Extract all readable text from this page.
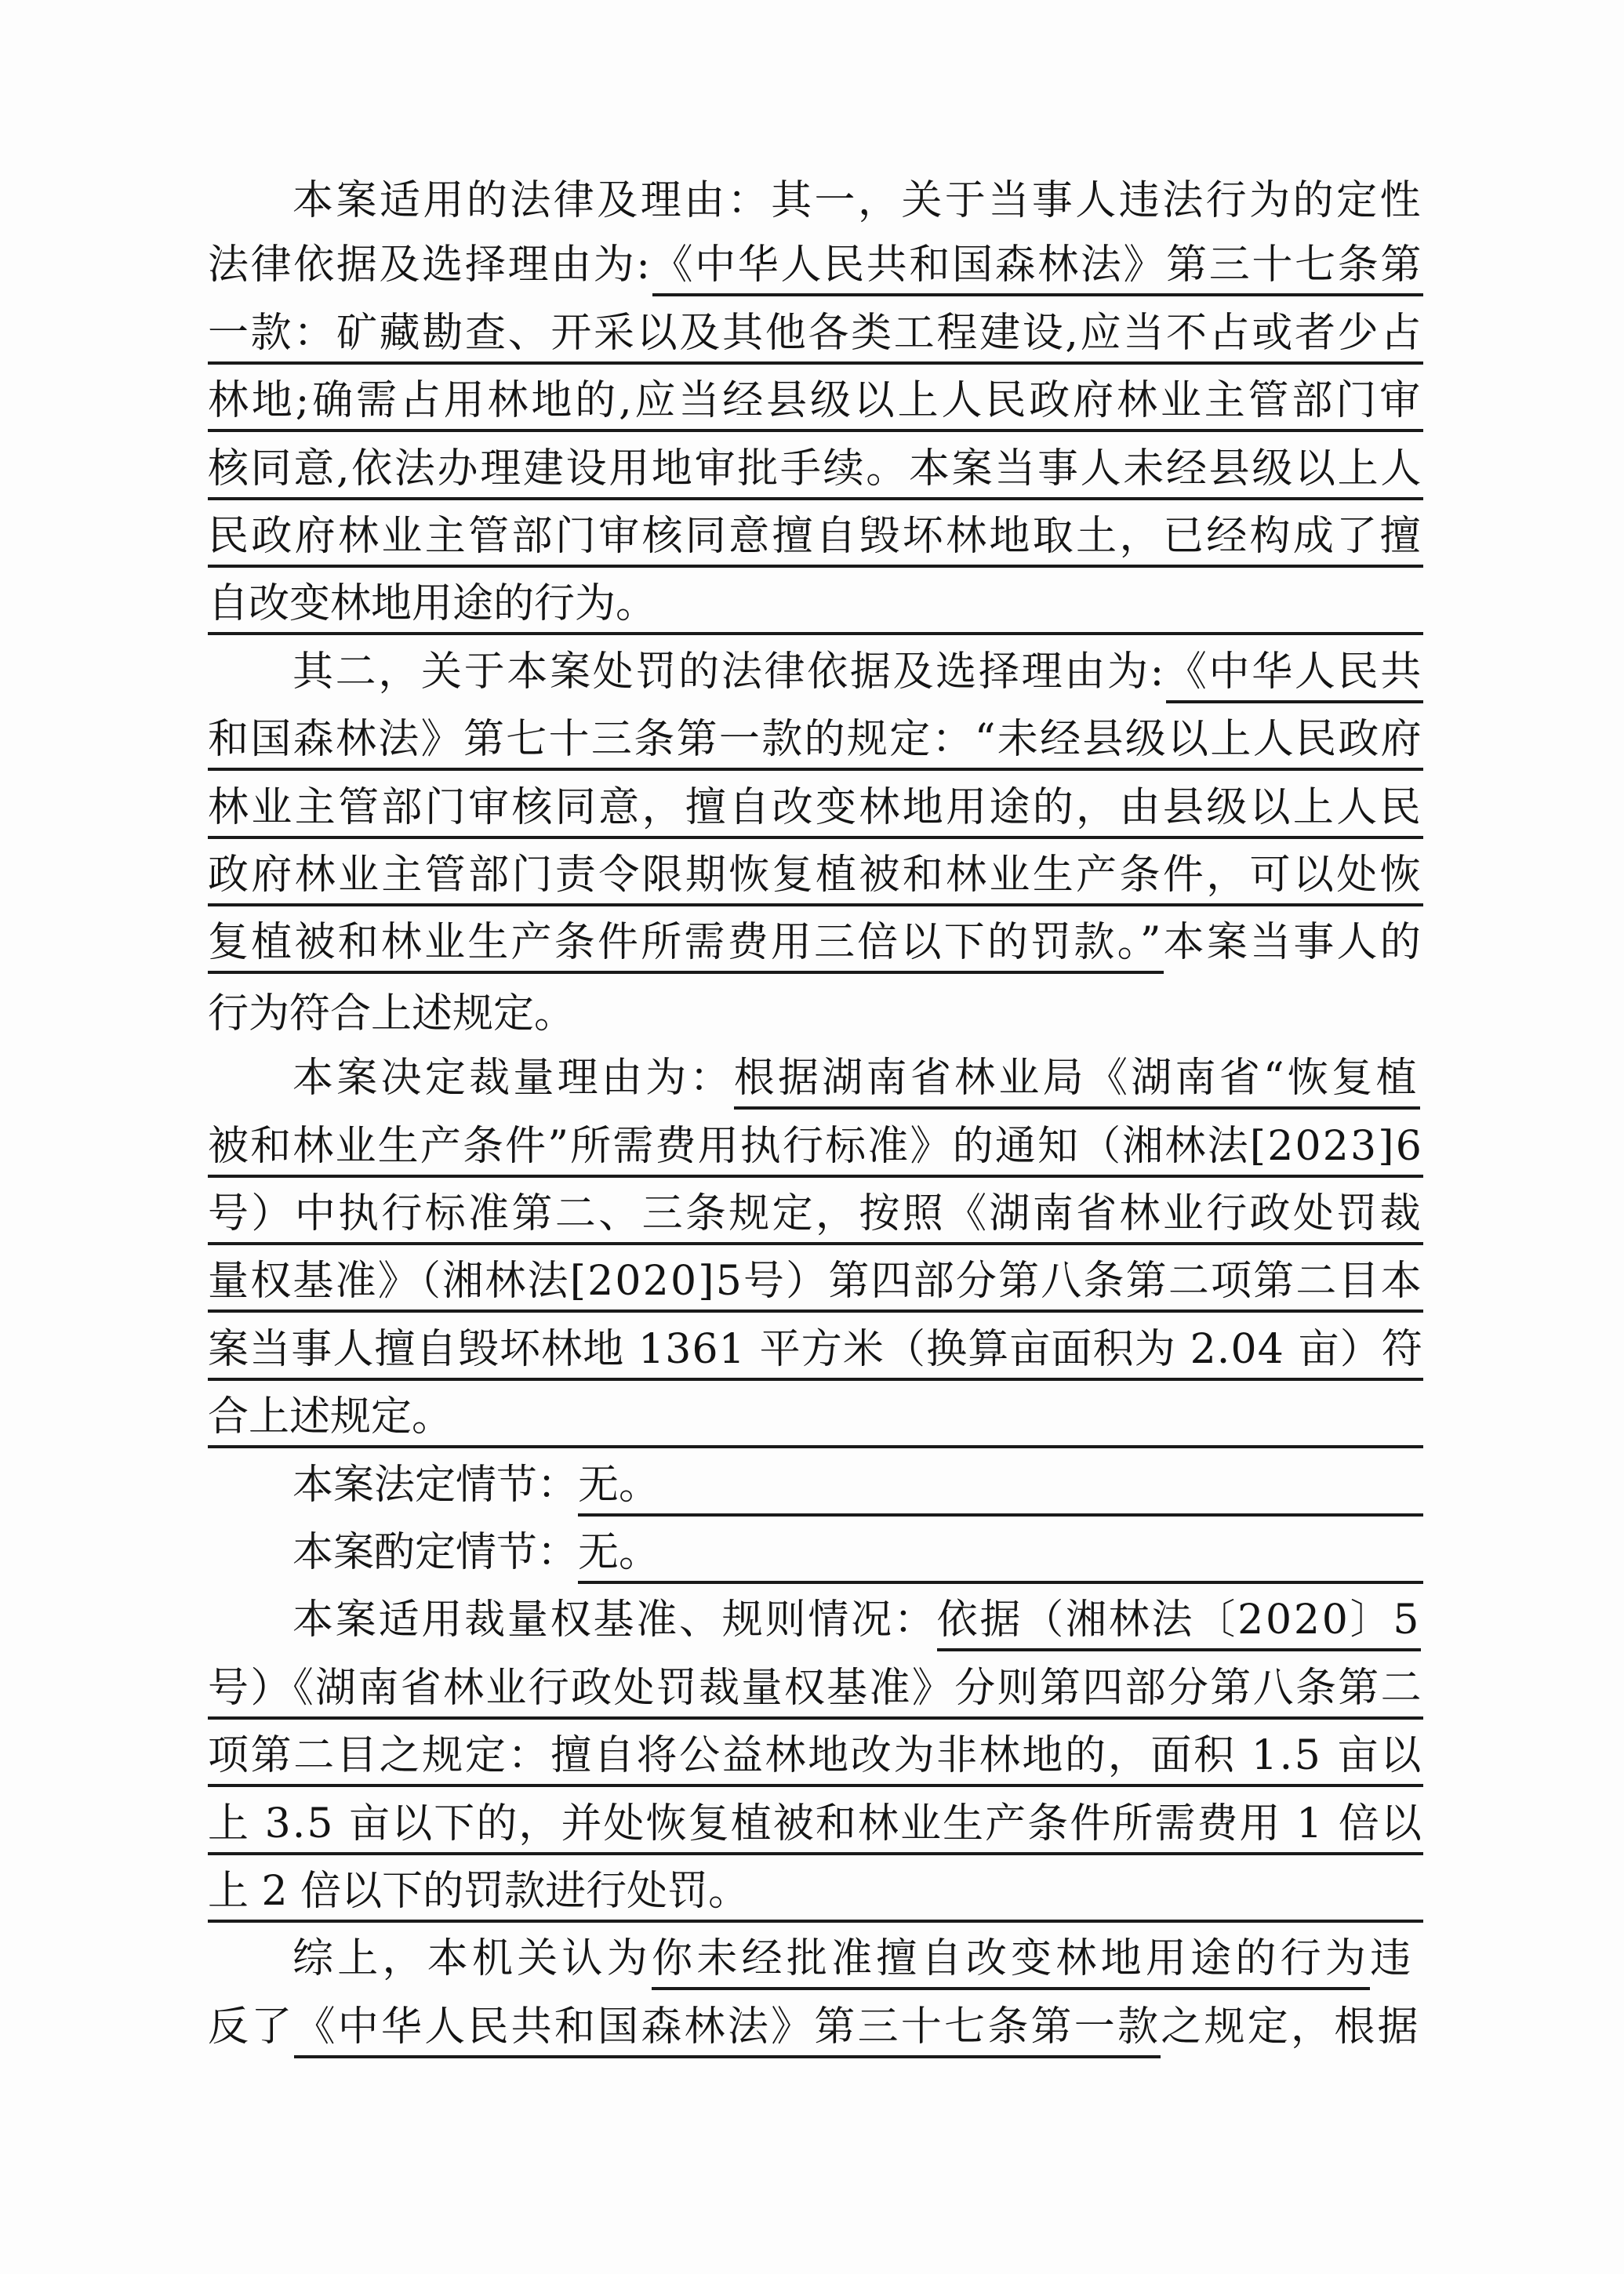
本案适用的法律及理由：其一，关于当事人违法行为的定性
法律依据及选择理由为: 《中华人民共和国森林法》第三十七条第
一款：矿藏勘查、开采以及其他各类工程建设,应当不占或者少占
林地;确需占用林地的,应当经县级以上人民政府林业主管部门审
核同意,依法办理建设用地审批手续。本案当事人未经县级以上人
民政府林业主管部门审核同意擅自毁坏林地取土，已经构成了擅
自改变林地用途的行为。
其二，关于本案处罚的法律依据及选择理由为: 《中华人民共
和国森林法》第七十三条第一款的规定：“未经县级以上人民政府
林业主管部门审核同意，擅自改变林地用途的，由县级以上人民
政府林业主管部门责令限期恢复植被和林业生产条件，可以处恢
复植被和林业生产条件所需费用三倍以下的罚款。” 本案当事人的
行为符合上述规定。
本案决定裁量理由为： 根据湖南省林业局《湖南省“恢复植
被和林业生产条件”所需费用执行标准》的通知（湘林法[2023]6
号）中执行标准第二、三条规定，按照《湖南省林业行政处罚裁
量权基准》（湘林法[2020]5号）第四部分第八条第二项第二目本
案当事人擅自毁坏林地 1361 平方米（换算亩面积为 2.04 亩）符
合上述规定。
本案法定情节： 无。
本案酌定情节： 无。
本案适用裁量权基准、规则情况： 依据（湘林法〔2020〕5
号）《湖南省林业行政处罚裁量权基准》分则第四部分第八条第二
项第二目之规定：擅自将公益林地改为非林地的，面积 1.5 亩以
上 3.5 亩以下的，并处恢复植被和林业生产条件所需费用 1 倍以
上 2 倍以下的罚款进行处罚。
综上，本机关认为 你未经批准擅自改变林地用途的行为 违
反了 《中华人民共和国森林法》第三十七条第一款 之规定，根据
